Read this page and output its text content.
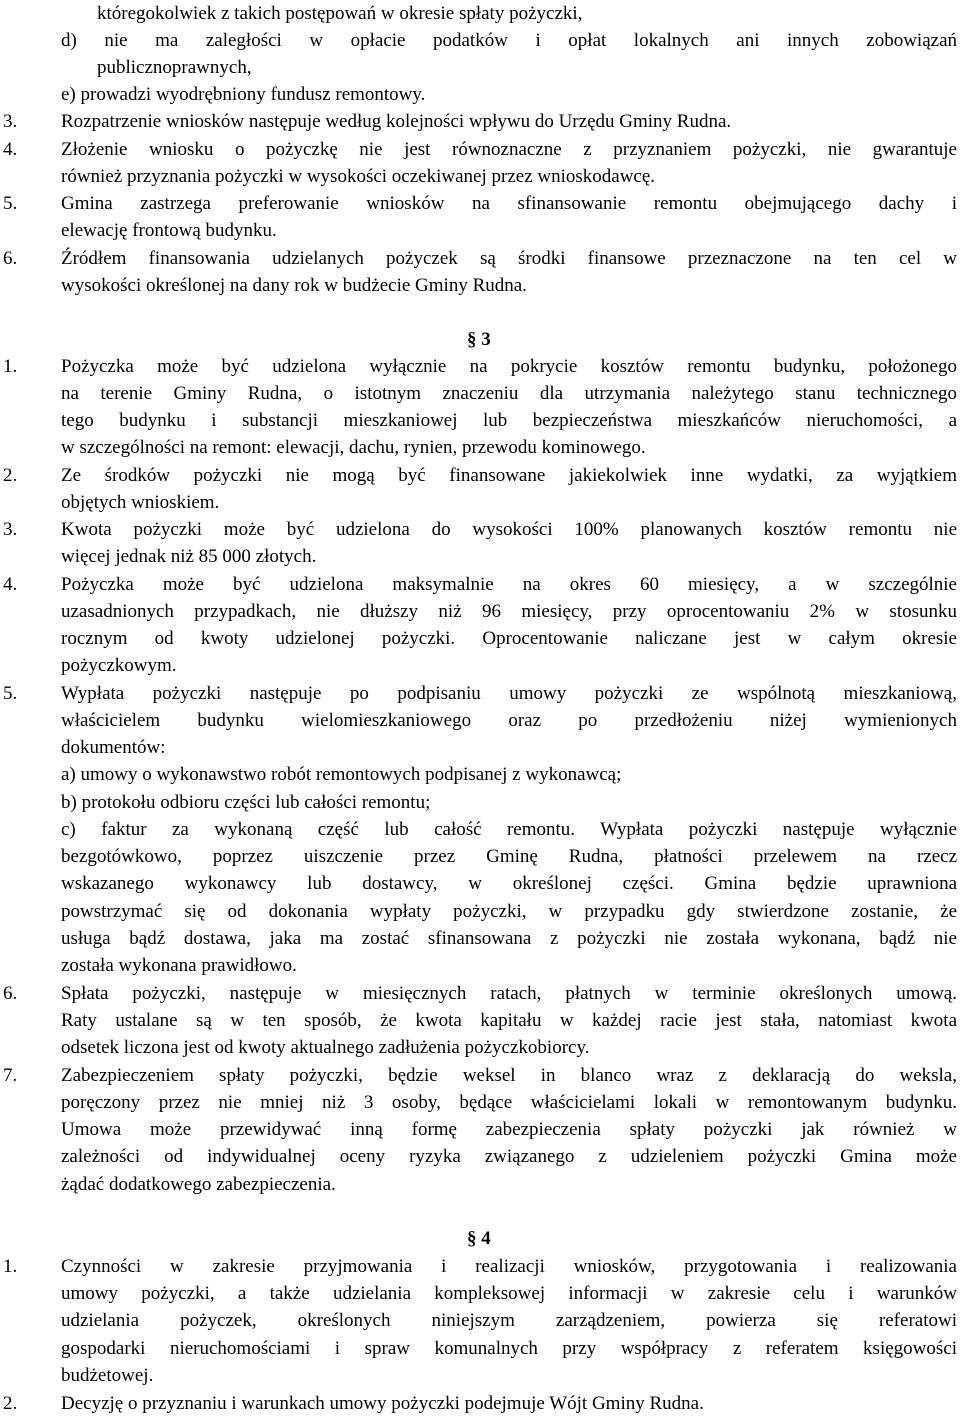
któregokolwiek z takich postępowań w okresie spłaty pożyczki,
d) nie ma zaległości w opłacie podatków i opłat lokalnych ani innych zobowiązań
publicznoprawnych,
e) prowadzi wyodrębniony fundusz remontowy.
3. Rozpatrzenie wniosków następuje według kolejności wpływu do Urzędu Gminy Rudna.
4. Złożenie wniosku o pożyczkę nie jest równoznaczne z przyznaniem pożyczki, nie gwarantuje
również przyznania pożyczki w wysokości oczekiwanej przez wnioskodawcę.
5. Gmina zastrzega preferowanie wniosków na sfinansowanie remontu obejmującego dachy i
elewację frontową budynku.
6. Źródłem finansowania udzielanych pożyczek są środki finansowe przeznaczone na ten cel w
wysokości określonej na dany rok w budżecie Gminy Rudna.
§ 3
1. Pożyczka może być udzielona wyłącznie na pokrycie kosztów remontu budynku, położonego
na terenie Gminy Rudna, o istotnym znaczeniu dla utrzymania należytego stanu technicznego
tego budynku i substancji mieszkaniowej lub bezpieczeństwa mieszkańców nieruchomości, a
w szczególności na remont: elewacji, dachu, rynien, przewodu kominowego.
2. Ze środków pożyczki nie mogą być finansowane jakiekolwiek inne wydatki, za wyjątkiem
objętych wnioskiem.
3. Kwota pożyczki może być udzielona do wysokości 100% planowanych kosztów remontu nie
więcej jednak niż 85 000 złotych.
4. Pożyczka może być udzielona maksymalnie na okres 60 miesięcy, a w szczególnie
uzasadnionych przypadkach, nie dłuższy niż 96 miesięcy, przy oprocentowaniu 2% w stosunku
rocznym od kwoty udzielonej pożyczki. Oprocentowanie naliczane jest w całym okresie
pożyczkowym.
5. Wypłata pożyczki następuje po podpisaniu umowy pożyczki ze wspólnotą mieszkaniową,
właścicielem budynku wielomieszkaniowego oraz po przedłożeniu niżej wymienionych
dokumentów:
a) umowy o wykonawstwo robót remontowych podpisanej z wykonawcą;
b) protokołu odbioru części lub całości remontu;
c) faktur za wykonaną część lub całość remontu. Wypłata pożyczki następuje wyłącznie
bezgotówkowo, poprzez uiszczenie przez Gminę Rudna, płatności przelewem na rzecz
wskazanego wykonawcy lub dostawcy, w określonej części. Gmina będzie uprawniona
powstrzymać się od dokonania wypłaty pożyczki, w przypadku gdy stwierdzone zostanie, że
usługa bądź dostawa, jaka ma zostać sfinansowana z pożyczki nie została wykonana, bądź nie
została wykonana prawidłowo.
6. Spłata pożyczki, następuje w miesięcznych ratach, płatnych w terminie określonych umową.
Raty ustalane są w ten sposób, że kwota kapitału w każdej racie jest stała, natomiast kwota
odsetek liczona jest od kwoty aktualnego zadłużenia pożyczkobiorcy.
7. Zabezpieczeniem spłaty pożyczki, będzie weksel in blanco wraz z deklaracją do weksla,
poręczony przez nie mniej niż 3 osoby, będące właścicielami lokali w remontowanym budynku.
Umowa może przewidywać inną formę zabezpieczenia spłaty pożyczki jak również w
zależności od indywidualnej oceny ryzyka związanego z udzieleniem pożyczki Gmina może
żądać dodatkowego zabezpieczenia.
§ 4
1. Czynności w zakresie przyjmowania i realizacji wniosków, przygotowania i realizowania
umowy pożyczki, a także udzielania kompleksowej informacji w zakresie celu i warunków
udzielania pożyczek, określonych niniejszym zarządzeniem, powierza się referatowi
gospodarki nieruchomościami i spraw komunalnych przy współpracy z referatem księgowości
budżetowej.
2. Decyzję o przyznaniu i warunkach umowy pożyczki podejmuje Wójt Gminy Rudna.
